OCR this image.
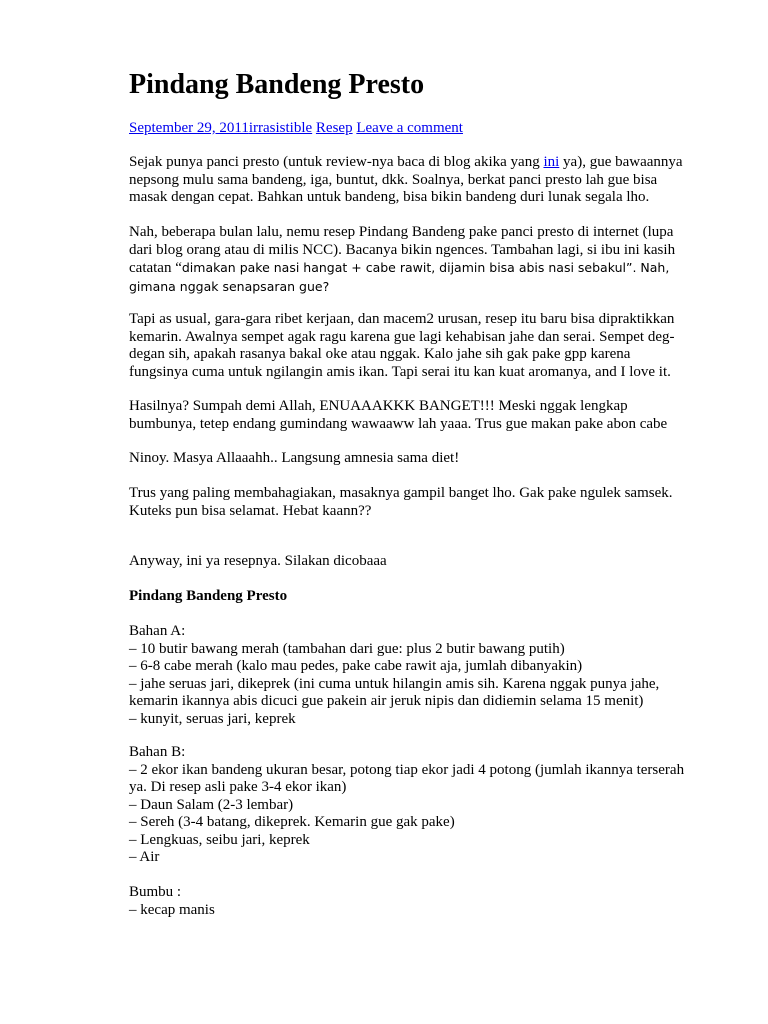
Pindang Bandeng Presto
September 29, 2011irrasistible Resep Leave a comment

Sejak punya panci presto (untuk review-nya baca di blog akika yang ini ya), gue bawaannya nepsong mulu sama bandeng, iga, buntut, dkk. Soalnya, berkat panci presto lah gue bisa masak dengan cepat. Bahkan untuk bandeng, bisa bikin bandeng duri lunak segala lho.

Nah, beberapa bulan lalu, nemu resep Pindang Bandeng pake panci presto di internet (lupa dari blog orang atau di milis NCC). Bacanya bikin ngences. Tambahan lagi, si ibu ini kasih catatan “dimakan pake nasi hangat + cabe rawit, dijamin bisa abis nasi sebakul”. Nah, gimana nggak senapsaran gue?

Tapi as usual, gara-gara ribet kerjaan, dan macem2 urusan, resep itu baru bisa dipraktikkan kemarin. Awalnya sempet agak ragu karena gue lagi kehabisan jahe dan serai. Sempet deg-degan sih, apakah rasanya bakal oke atau nggak. Kalo jahe sih gak pake gpp karena fungsinya cuma untuk ngilangin amis ikan. Tapi serai itu kan kuat aromanya, and I love it.

Hasilnya? Sumpah demi Allah, ENUAAAKKK BANGET!!! Meski nggak lengkap bumbunya, tetep endang gumindang wawaaww lah yaaa. Trus gue makan pake abon cabe

Ninoy. Masya Allaaahh.. Langsung amnesia sama diet!

Trus yang paling membahagiakan, masaknya gampil banget lho. Gak pake ngulek samsek. Kuteks pun bisa selamat. Hebat kaann??

Anyway, ini ya resepnya. Silakan dicobaaa

Pindang Bandeng Presto

Bahan A:
– 10 butir bawang merah (tambahan dari gue: plus 2 butir bawang putih)
– 6-8 cabe merah (kalo mau pedes, pake cabe rawit aja, jumlah dibanyakin)
– jahe seruas jari, dikeprek (ini cuma untuk hilangin amis sih. Karena nggak punya jahe, kemarin ikannya abis dicuci gue pakein air jeruk nipis dan didiemin selama 15 menit)
– kunyit, seruas jari, keprek

Bahan B:
– 2 ekor ikan bandeng ukuran besar, potong tiap ekor jadi 4 potong (jumlah ikannya terserah ya. Di resep asli pake 3-4 ekor ikan)
– Daun Salam (2-3 lembar)
– Sereh (3-4 batang, dikeprek. Kemarin gue gak pake)
– Lengkuas, seibu jari, keprek
– Air

Bumbu :
– kecap manis
